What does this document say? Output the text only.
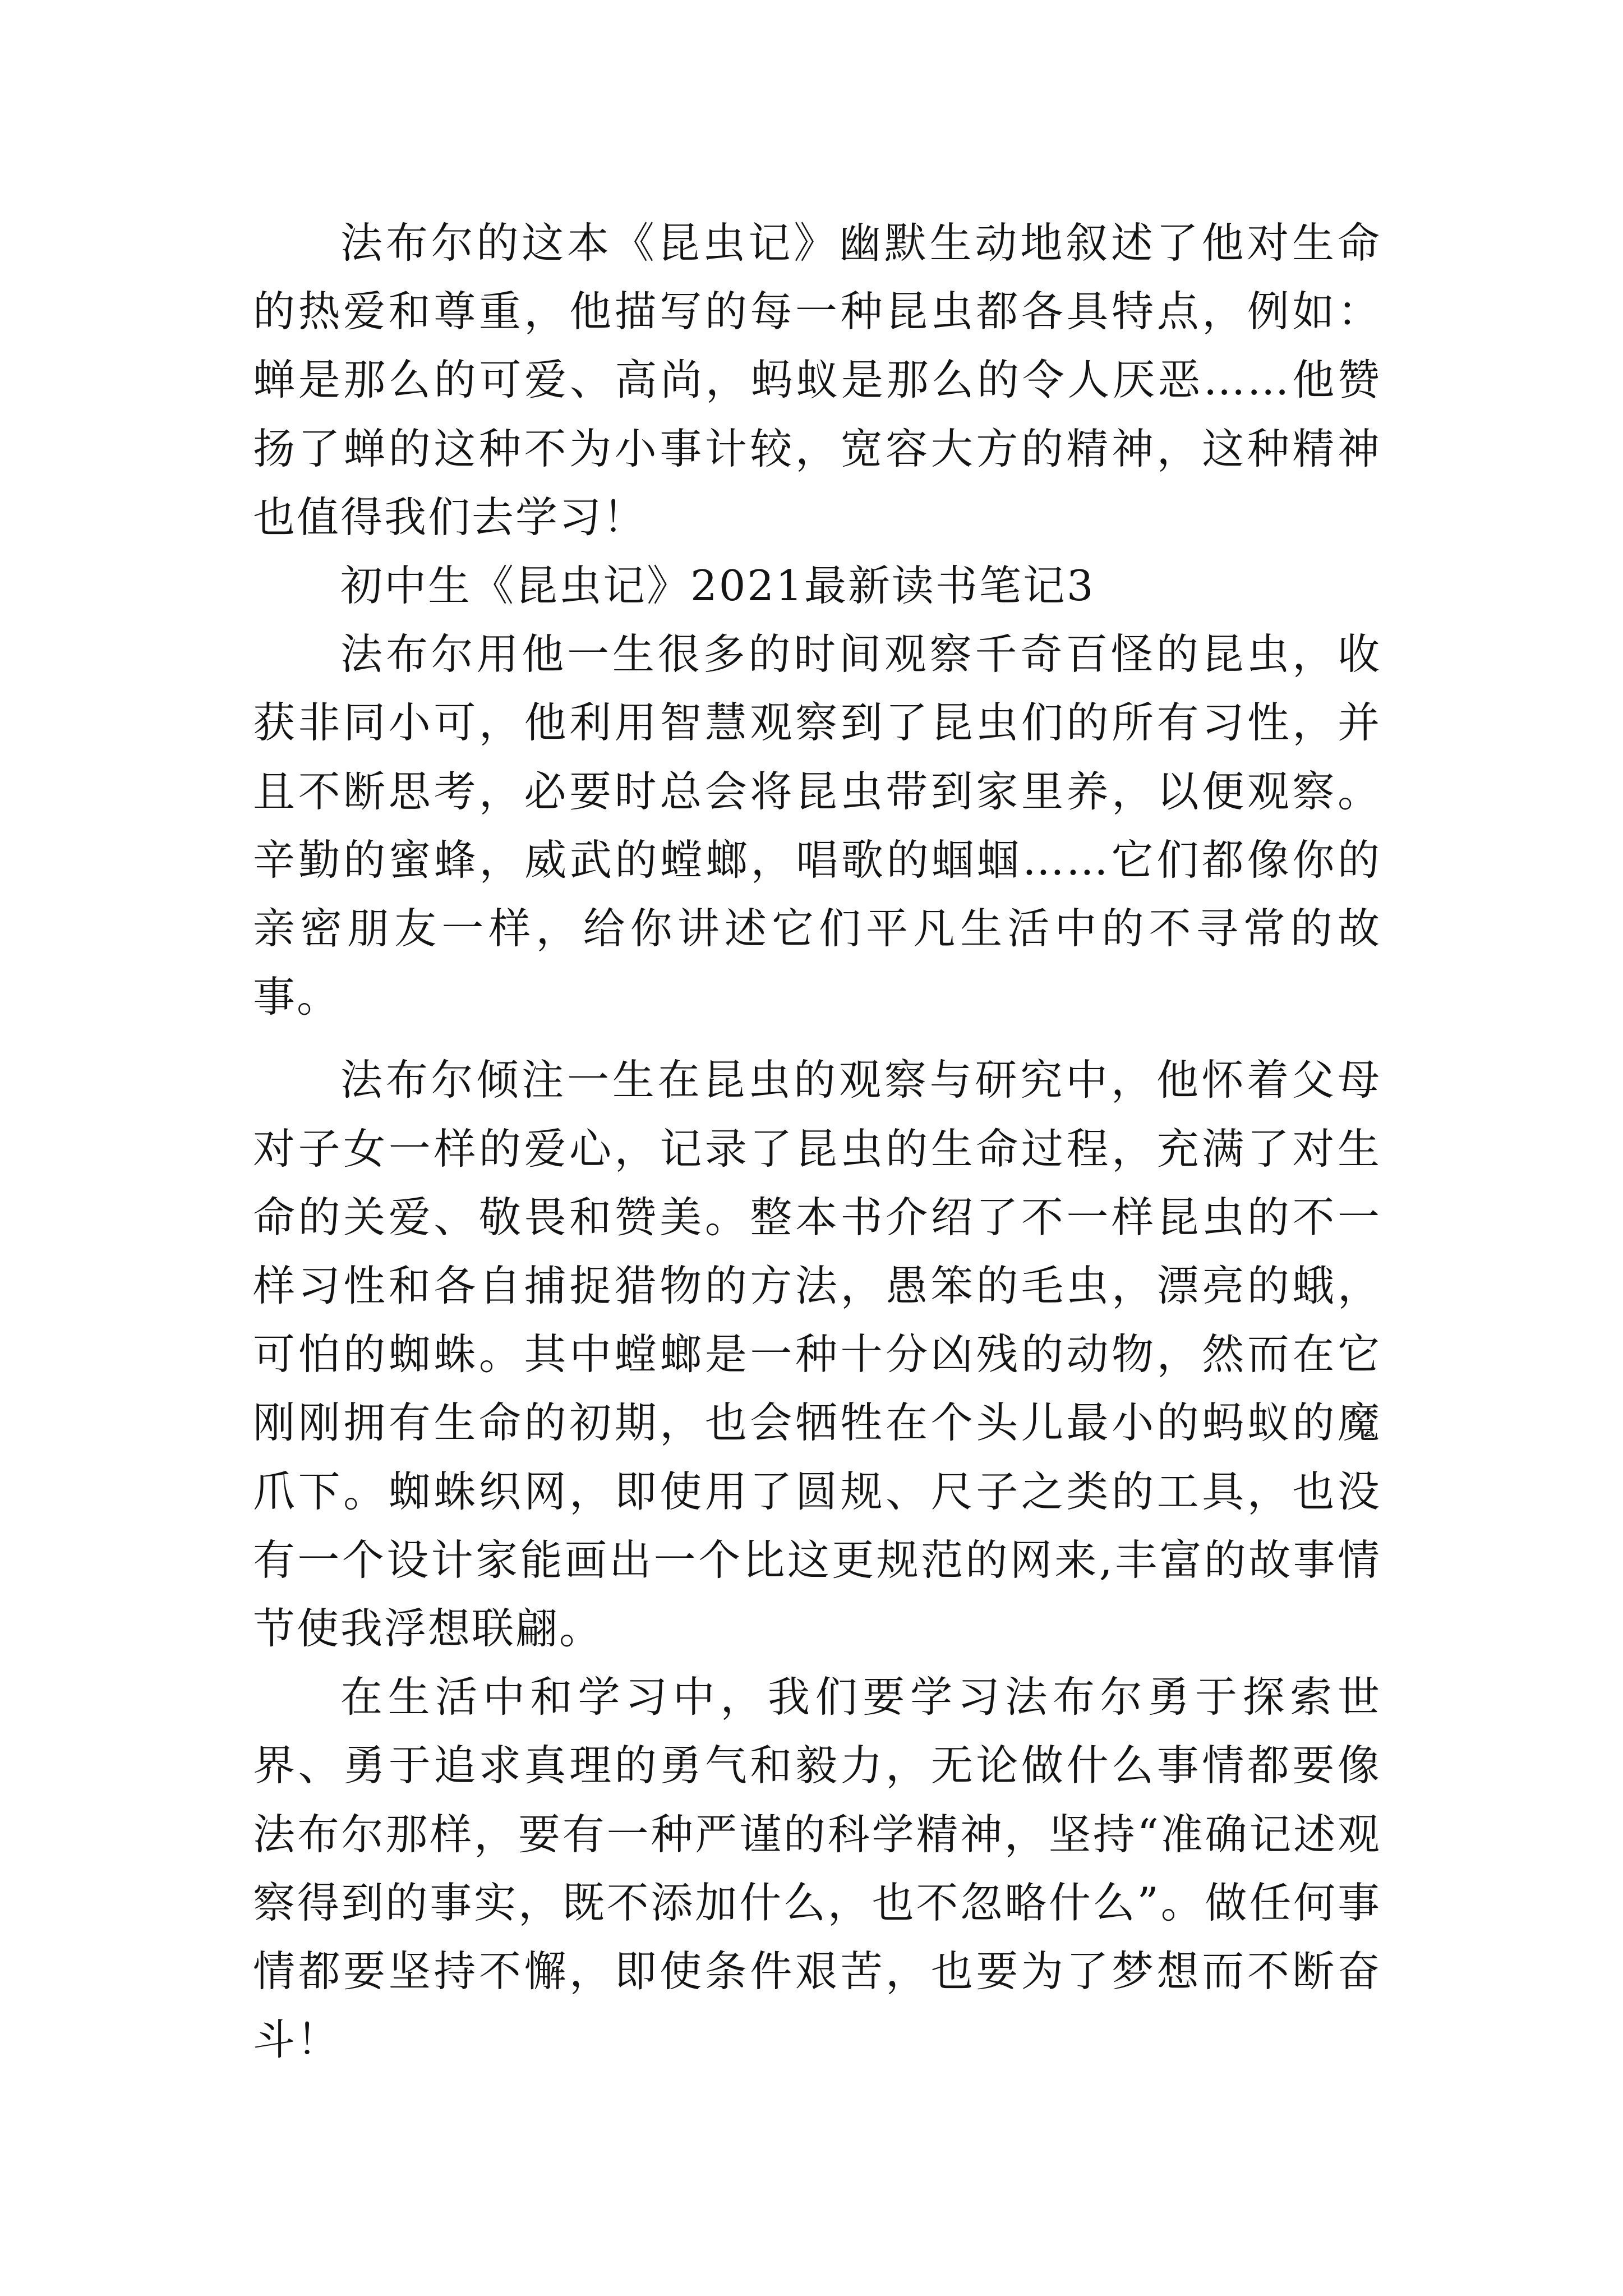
法布尔的这本《昆虫记》幽默生动地叙述了他对生命的热爱和尊重，他描写的每一种昆虫都各具特点，例如：蝉是那么的可爱、高尚，蚂蚁是那么的令人厌恶……他赞扬了蝉的这种不为小事计较，宽容大方的精神，这种精神也值得我们去学习！

初中生《昆虫记》2021最新读书笔记3

法布尔用他一生很多的时间观察千奇百怪的昆虫，收获非同小可，他利用智慧观察到了昆虫们的所有习性，并且不断思考，必要时总会将昆虫带到家里养，以便观察。辛勤的蜜蜂，威武的螳螂，唱歌的蝈蝈……它们都像你的亲密朋友一样，给你讲述它们平凡生活中的不寻常的故事。

法布尔倾注一生在昆虫的观察与研究中，他怀着父母对子女一样的爱心，记录了昆虫的生命过程，充满了对生命的关爱、敬畏和赞美。整本书介绍了不一样昆虫的不一样习性和各自捕捉猎物的方法，愚笨的毛虫，漂亮的蛾，可怕的蜘蛛。其中螳螂是一种十分凶残的动物，然而在它刚刚拥有生命的初期，也会牺牲在个头儿最小的蚂蚁的魔爪下。蜘蛛织网，即使用了圆规、尺子之类的工具，也没有一个设计家能画出一个比这更规范的网来,丰富的故事情节使我浮想联翩。

在生活中和学习中，我们要学习法布尔勇于探索世界、勇于追求真理的勇气和毅力，无论做什么事情都要像法布尔那样，要有一种严谨的科学精神，坚持“准确记述观察得到的事实，既不添加什么，也不忽略什么”。做任何事情都要坚持不懈，即使条件艰苦，也要为了梦想而不断奋斗！
